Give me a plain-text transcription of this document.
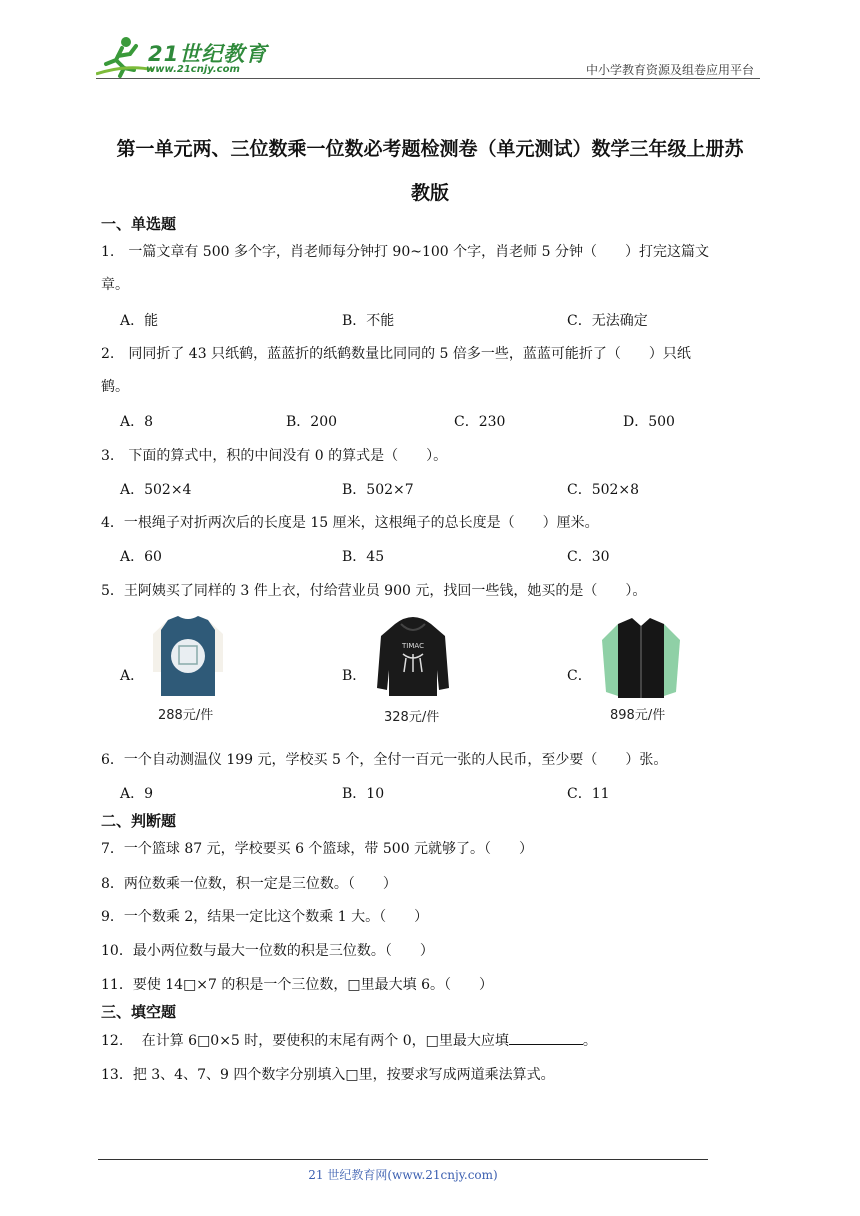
21世纪教育
www.21cnjy.com	中小学教育资源及组卷应用平台
第一单元两、三位数乘一位数必考题检测卷（单元测试）数学三年级上册苏
教版
一、单选题
1.　一篇文章有 500 多个字，肖老师每分钟打 90~100 个字，肖老师 5 分钟（　　）打完这篇文
章。
A．能	B．不能	C．无法确定
2.　同同折了 43 只纸鹤，蓝蓝折的纸鹤数量比同同的 5 倍多一些，蓝蓝可能折了（　　）只纸
鹤。
A．8	B．200	C．230	D．500
3.　下面的算式中，积的中间没有 0 的算式是（　　）。
A．502×4	B．502×7	C．502×8
4．一根绳子对折两次后的长度是 15 厘米，这根绳子的总长度是（　　）厘米。
A．60	B．45	C．30
5．王阿姨买了同样的 3 件上衣，付给营业员 900 元，找回一些钱，她买的是（　　）。
A．
288元/件
B．
TIMAC
328元/件
C．
898元/件
6．一个自动测温仪 199 元，学校买 5 个，全付一百元一张的人民币，至少要（　　）张。
A．9	B．10	C．11
二、判断题
7．一个篮球 87 元，学校要买 6 个篮球，带 500 元就够了。（　　）
8．两位数乘一位数，积一定是三位数。（　　）
9．一个数乘 2，结果一定比这个数乘 1 大。（　　）
10．最小两位数与最大一位数的积是三位数。（　　）
11．要使 14□×7 的积是一个三位数，□里最大填 6。（　　）
三、填空题
12.　 在计算 6□0×5 时，要使积的末尾有两个 0，□里最大应填	。
13．把 3、4、7、9 四个数字分别填入□里，按要求写成两道乘法算式。
21 世纪教育网(www.21cnjy.com)
